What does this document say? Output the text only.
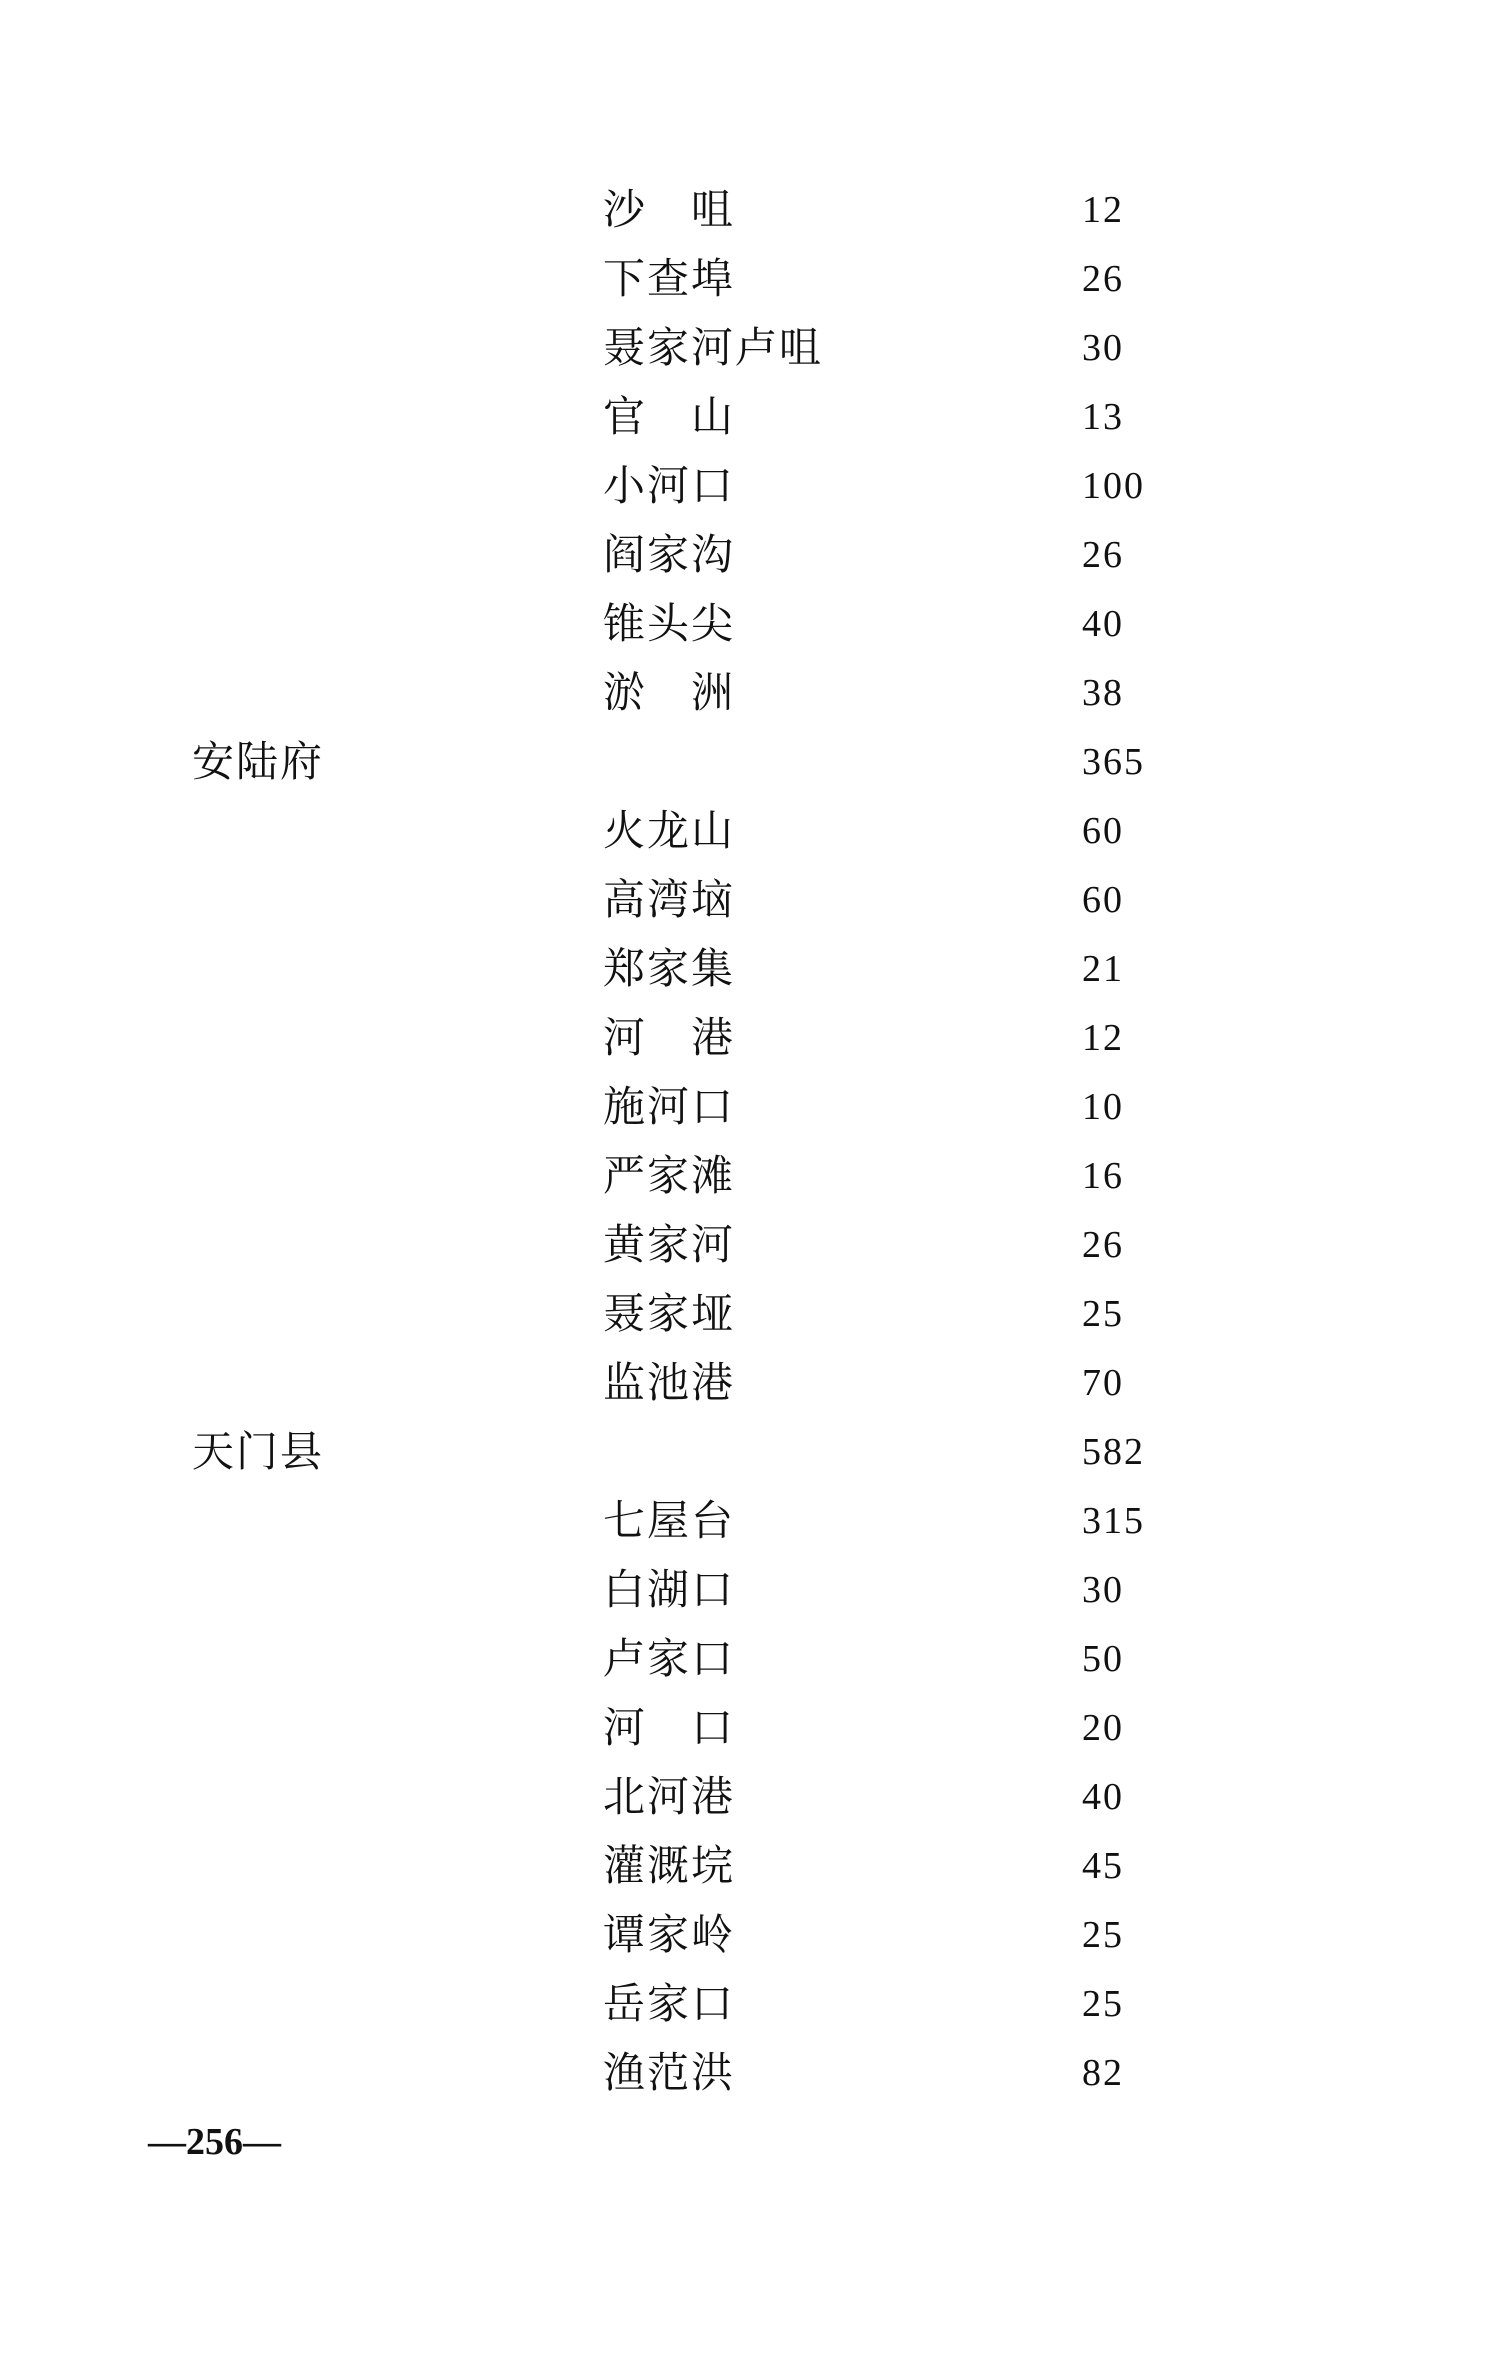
沙　咀	12
下查埠	26
聂家河卢咀	30
官　山	13
小河口	100
阎家沟	26
锥头尖	40
淤　洲	38
安陆府	365
火龙山	60
高湾垴	60
郑家集	21
河　港	12
施河口	10
严家滩	16
黄家河	26
聂家垭	25
监池港	70
天门县	582
七屋台	315
白湖口	30
卢家口	50
河　口	20
北河港	40
灌溉垸	45
谭家岭	25
岳家口	25
渔范洪	82
—256—
